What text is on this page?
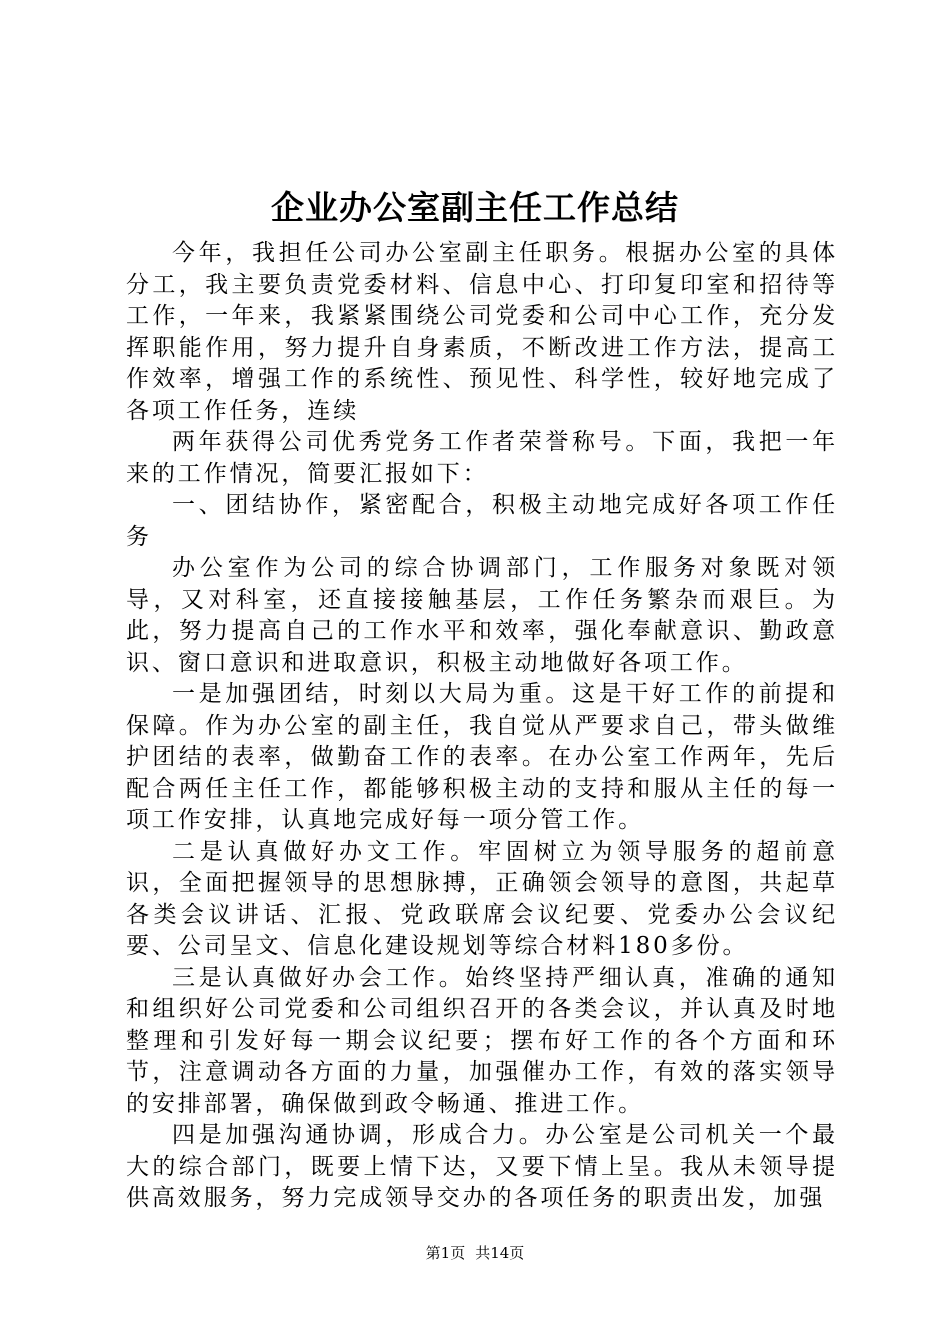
企业办公室副主任工作总结

今年，我担任公司办公室副主任职务。根据办公室的具体分工，我主要负责党委材料、信息中心、打印复印室和招待等工作，一年来，我紧紧围绕公司党委和公司中心工作，充分发挥职能作用，努力提升自身素质，不断改进工作方法，提高工作效率，增强工作的系统性、预见性、科学性，较好地完成了各项工作任务，连续

两年获得公司优秀党务工作者荣誉称号。下面，我把一年来的工作情况，简要汇报如下：

一、团结协作，紧密配合，积极主动地完成好各项工作任务

办公室作为公司的综合协调部门，工作服务对象既对领导，又对科室，还直接接触基层，工作任务繁杂而艰巨。为此，努力提高自己的工作水平和效率，强化奉献意识、勤政意识、窗口意识和进取意识，积极主动地做好各项工作。

一是加强团结，时刻以大局为重。这是干好工作的前提和保障。作为办公室的副主任，我自觉从严要求自己，带头做维护团结的表率，做勤奋工作的表率。在办公室工作两年，先后配合两任主任工作，都能够积极主动的支持和服从主任的每一项工作安排，认真地完成好每一项分管工作。

二是认真做好办文工作。牢固树立为领导服务的超前意识，全面把握领导的思想脉搏，正确领会领导的意图，共起草各类会议讲话、汇报、党政联席会议纪要、党委办公会议纪要、公司呈文、信息化建设规划等综合材料180多份。

三是认真做好办会工作。始终坚持严细认真，准确的通知和组织好公司党委和公司组织召开的各类会议，并认真及时地整理和引发好每一期会议纪要；摆布好工作的各个方面和环节，注意调动各方面的力量，加强催办工作，有效的落实领导的安排部署，确保做到政令畅通、推进工作。

四是加强沟通协调，形成合力。办公室是公司机关一个最大的综合部门，既要上情下达，又要下情上呈。我从未领导提供高效服务，努力完成领导交办的各项任务的职责出发，加强

第1页 共14页
